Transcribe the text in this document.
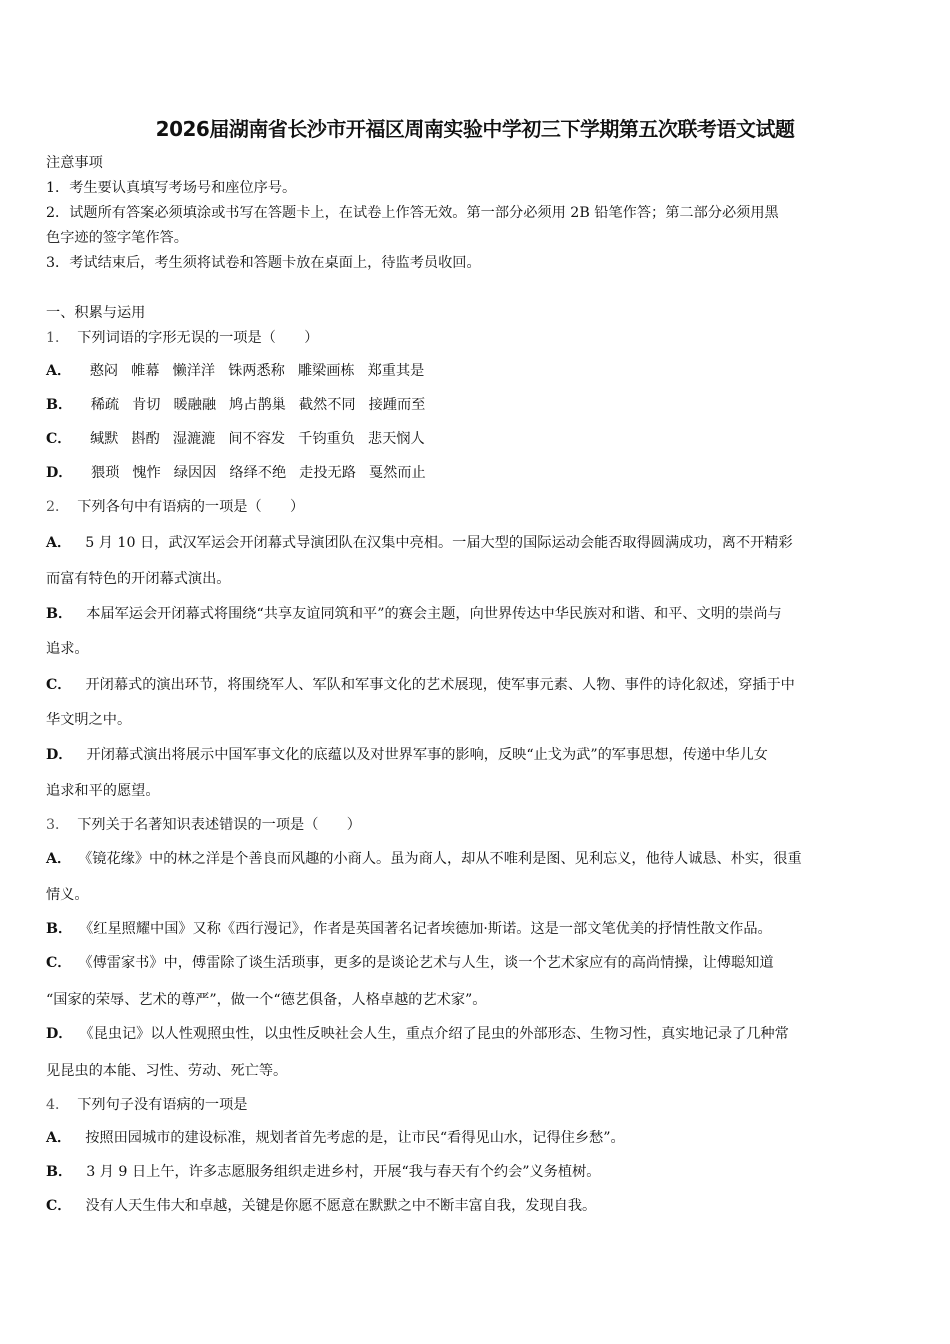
2026届湖南省长沙市开福区周南实验中学初三下学期第五次联考语文试题
注意事项
1．考生要认真填写考场号和座位序号。
2．试题所有答案必须填涂或书写在答题卡上，在试卷上作答无效。第一部分必须用 2B 铅笔作答；第二部分必须用黑
色字迹的签字笔作答。
3．考试结束后，考生须将试卷和答题卡放在桌面上，待监考员收回。
一、积累与运用
1． 下列词语的字形无误的一项是（　　）
A． 憨闷 帷幕 懒洋洋 铢两悉称 雕梁画栋 郑重其是
B． 稀疏 肯切 暖融融 鸠占鹊巢 截然不同 接踵而至
C． 缄默 斟酌 湿漉漉 间不容发 千钧重负 悲天悯人
D． 猥琐 愧怍 绿因因 络绎不绝 走投无路 戛然而止
2． 下列各句中有语病的一项是（　　）
A． 5 月 10 日，武汉军运会开闭幕式导演团队在汉集中亮相。一届大型的国际运动会能否取得圆满成功，离不开精彩
而富有特色的开闭幕式演出。
B． 本届军运会开闭幕式将围绕“共享友谊同筑和平”的赛会主题，向世界传达中华民族对和谐、和平、文明的崇尚与
追求。
C． 开闭幕式的演出环节，将围绕军人、军队和军事文化的艺术展现，使军事元素、人物、事件的诗化叙述，穿插于中
华文明之中。
D． 开闭幕式演出将展示中国军事文化的底蕴以及对世界军事的影响，反映“止戈为武”的军事思想，传递中华儿女
追求和平的愿望。
3． 下列关于名著知识表述错误的一项是（　　）
A． 《镜花缘》中的林之洋是个善良而风趣的小商人。虽为商人，却从不唯利是图、见利忘义，他待人诚恳、朴实，很重
情义。
B． 《红星照耀中国》又称《西行漫记》，作者是英国著名记者埃德加·斯诺。这是一部文笔优美的抒情性散文作品。
C． 《傅雷家书》中，傅雷除了谈生活琐事，更多的是谈论艺术与人生，谈一个艺术家应有的高尚情操，让傅聪知道
“国家的荣辱、艺术的尊严”，做一个“德艺俱备，人格卓越的艺术家”。
D． 《昆虫记》以人性观照虫性，以虫性反映社会人生，重点介绍了昆虫的外部形态、生物习性，真实地记录了几种常
见昆虫的本能、习性、劳动、死亡等。
4． 下列句子没有语病的一项是
A． 按照田园城市的建设标准，规划者首先考虑的是，让市民“看得见山水，记得住乡愁”。
B． 3 月 9 日上午，许多志愿服务组织走进乡村，开展“我与春天有个约会”义务植树。
C． 没有人天生伟大和卓越，关键是你愿不愿意在默默之中不断丰富自我，发现自我。
